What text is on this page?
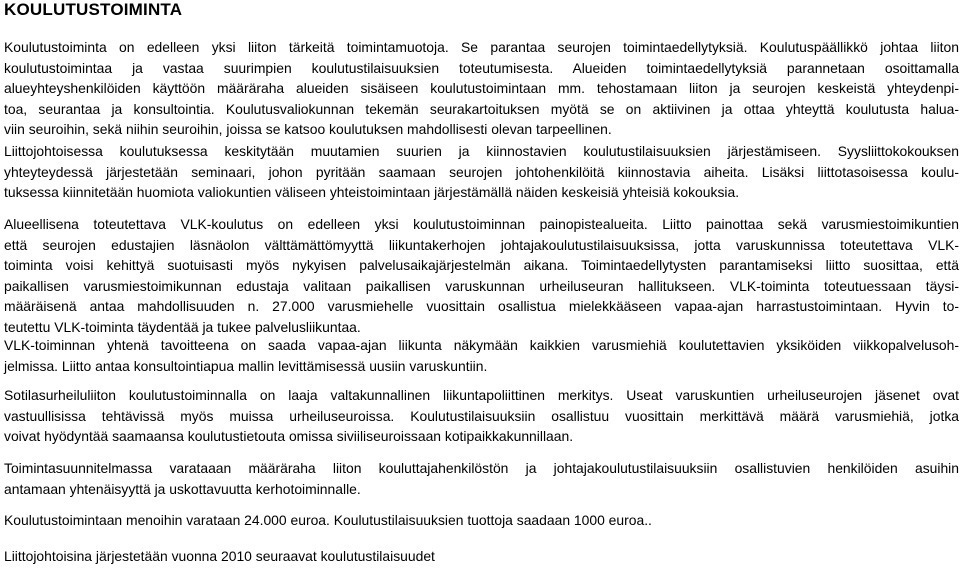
KOULUTUSTOIMINTA
Koulutustoiminta on edelleen yksi liiton tärkeitä toimintamuotoja. Se parantaa seurojen toimintaedellytyksiä. Koulutuspäällikkö johtaa liiton
koulutustoimintaa ja vastaa suurimpien koulutustilaisuuksien toteutumisesta. Alueiden toimintaedellytyksiä parannetaan osoittamalla
alueyhteyshenkilöiden käyttöön määräraha alueiden sisäiseen koulutustoimintaan mm. tehostamaan liiton ja seurojen keskeistä yhteydenpi-
toa, seurantaa ja konsultointia. Koulutusvaliokunnan tekemän seurakartoituksen myötä se on aktiivinen ja ottaa yhteyttä koulutusta halua-
viin seuroihin, sekä niihin seuroihin, joissa se katsoo koulutuksen mahdollisesti olevan tarpeellinen.
Liittojohtoisessa koulutuksessa keskitytään muutamien suurien ja kiinnostavien koulutustilaisuuksien järjestämiseen. Syysliittokokouksen
yhteyteydessä järjestetään seminaari, johon pyritään saamaan seurojen johtohenkilöitä kiinnostavia aiheita. Lisäksi liittotasoisessa koulu-
tuksessa kiinnitetään huomiota valiokuntien väliseen yhteistoimintaan järjestämällä näiden keskeisiä yhteisiä kokouksia.
Alueellisena toteutettava VLK-koulutus on edelleen yksi koulutustoiminnan painopistealueita. Liitto painottaa sekä varusmiestoimikuntien
että seurojen edustajien läsnäolon välttämättömyyttä liikuntakerhojen johtajakoulutustilaisuuksissa, jotta varuskunnissa toteutettava VLK-
toiminta voisi kehittyä suotuisasti myös nykyisen palvelusaikajärjestelmän aikana. Toimintaedellytysten parantamiseksi liitto suosittaa, että
paikallisen varusmiestoimikunnan edustaja valitaan paikallisen varuskunnan urheiluseuran hallitukseen. VLK-toiminta toteutuessaan täysi-
määräisenä antaa mahdollisuuden n. 27.000 varusmiehelle vuosittain osallistua mielekkääseen vapaa-ajan harrastustoimintaan. Hyvin to-
teutettu VLK-toiminta täydentää ja tukee palvelusliikuntaa.
VLK-toiminnan yhtenä tavoitteena on saada vapaa-ajan liikunta näkymään kaikkien varusmiehiä koulutettavien yksiköiden viikkopalvelusoh-
jelmissa. Liitto antaa konsultointiapua mallin levittämisessä uusiin varuskuntiin.
Sotilasurheiluliiton koulutustoiminnalla on laaja valtakunnallinen liikuntapoliittinen merkitys. Useat varuskuntien urheiluseurojen jäsenet ovat
vastuullisissa tehtävissä myös muissa urheiluseuroissa. Koulutustilaisuuksiin osallistuu vuosittain merkittävä määrä varusmiehiä, jotka
voivat hyödyntää saamaansa koulutustietouta omissa siviiliseuroissaan kotipaikkakunnillaan.
Toimintasuunnitelmassa varataaan määräraha liiton kouluttajahenkilöstön ja johtajakoulutustilaisuuksiin osallistuvien henkilöiden asuihin
antamaan yhtenäisyyttä ja uskottavuutta kerhotoiminnalle.
Koulutustoimintaan menoihin varataan 24.000 euroa. Koulutustilaisuuksien tuottoja saadaan 1000 euroa..
Liittojohtoisina järjestetään vuonna 2010 seuraavat koulutustilaisuudet
